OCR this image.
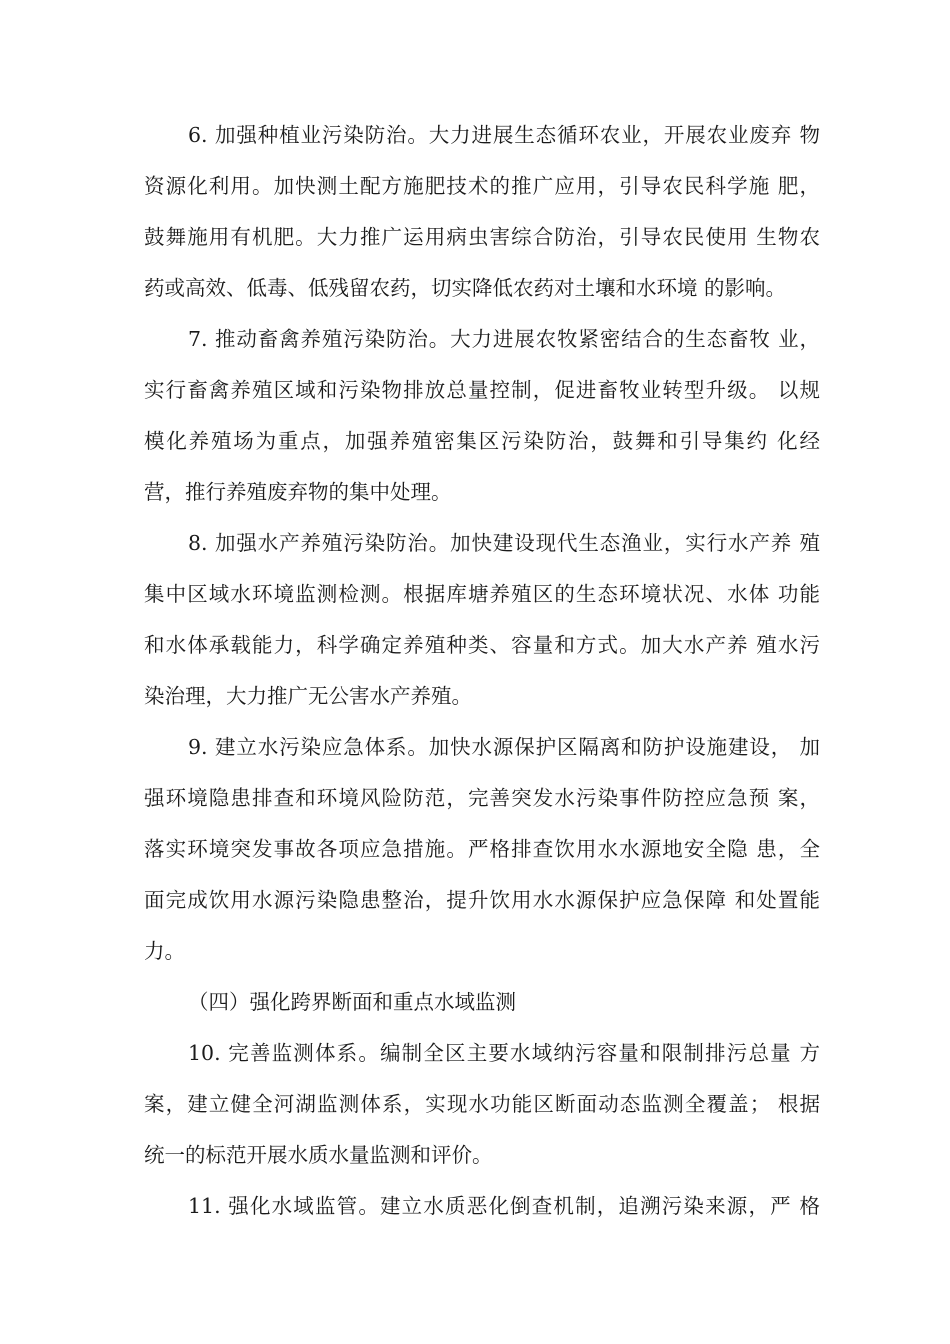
6. 加强种植业污染防治。大力进展生态循环农业，开展农业废弃 物
资源化利用。加快测土配方施肥技术的推广应用，引导农民科学施 肥，
鼓舞施用有机肥。大力推广运用病虫害综合防治，引导农民使用 生物农
药或高效、低毒、低残留农药，切实降低农药对土壤和水环境 的影响。
7. 推动畜禽养殖污染防治。大力进展农牧紧密结合的生态畜牧 业，
实行畜禽养殖区域和污染物排放总量控制，促进畜牧业转型升级。 以规
模化养殖场为重点，加强养殖密集区污染防治，鼓舞和引导集约 化经
营，推行养殖废弃物的集中处理。
8. 加强水产养殖污染防治。加快建设现代生态渔业，实行水产养 殖
集中区域水环境监测检测。根据库塘养殖区的生态环境状况、水体 功能
和水体承载能力，科学确定养殖种类、容量和方式。加大水产养 殖水污
染治理，大力推广无公害水产养殖。
9. 建立水污染应急体系。加快水源保护区隔离和防护设施建设， 加
强环境隐患排查和环境风险防范，完善突发水污染事件防控应急预 案，
落实环境突发事故各项应急措施。严格排查饮用水水源地安全隐 患，全
面完成饮用水源污染隐患整治，提升饮用水水源保护应急保障 和处置能
力。
（四）强化跨界断面和重点水域监测
10. 完善监测体系。编制全区主要水域纳污容量和限制排污总量 方
案，建立健全河湖监测体系，实现水功能区断面动态监测全覆盖； 根据
统一的标范开展水质水量监测和评价。
11. 强化水域监管。建立水质恶化倒查机制，追溯污染来源，严 格
